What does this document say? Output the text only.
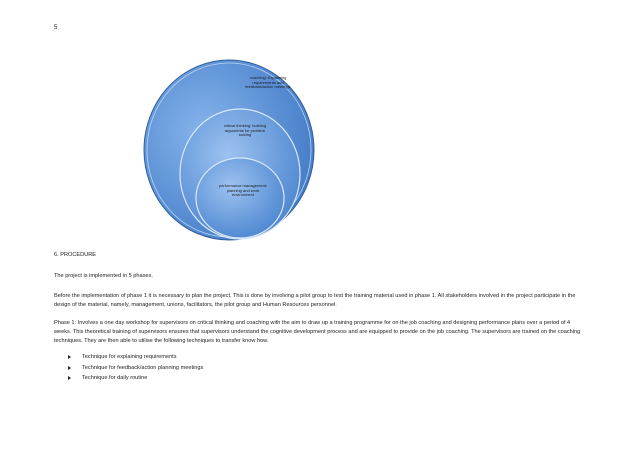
5
coaching: Explaining
requirements and
feedback/action meetings
critical thinking: building
arguments for problem
solving
performance management:
planning and work
environment
6. PROCEDURE
The project is implemented in 5 phases.
Before the implementation of phase 1 it is necessary to plan the project. This is done by involving a pilot group to test the training material used in phase 1. All stakeholders involved in the project participate in the design of the material, namely, management, unions, facilitators, the pilot group and Human Resources personnel.
Phase 1: Involves a one day workshop for supervisors on critical thinking and coaching with the aim to draw up a training programme for on the job coaching and designing performance plans over a period of 4 weeks. This theoretical training of supervisors ensures that supervisors understand the cognitive development process and are equipped to provide on the job coaching. The supervisors are trained on the coaching techniques. They are then able to utilise the following techniques to transfer know how.
Technique for explaining requirements
Technique for feedback/action planning meetings
Technique for daily routine
